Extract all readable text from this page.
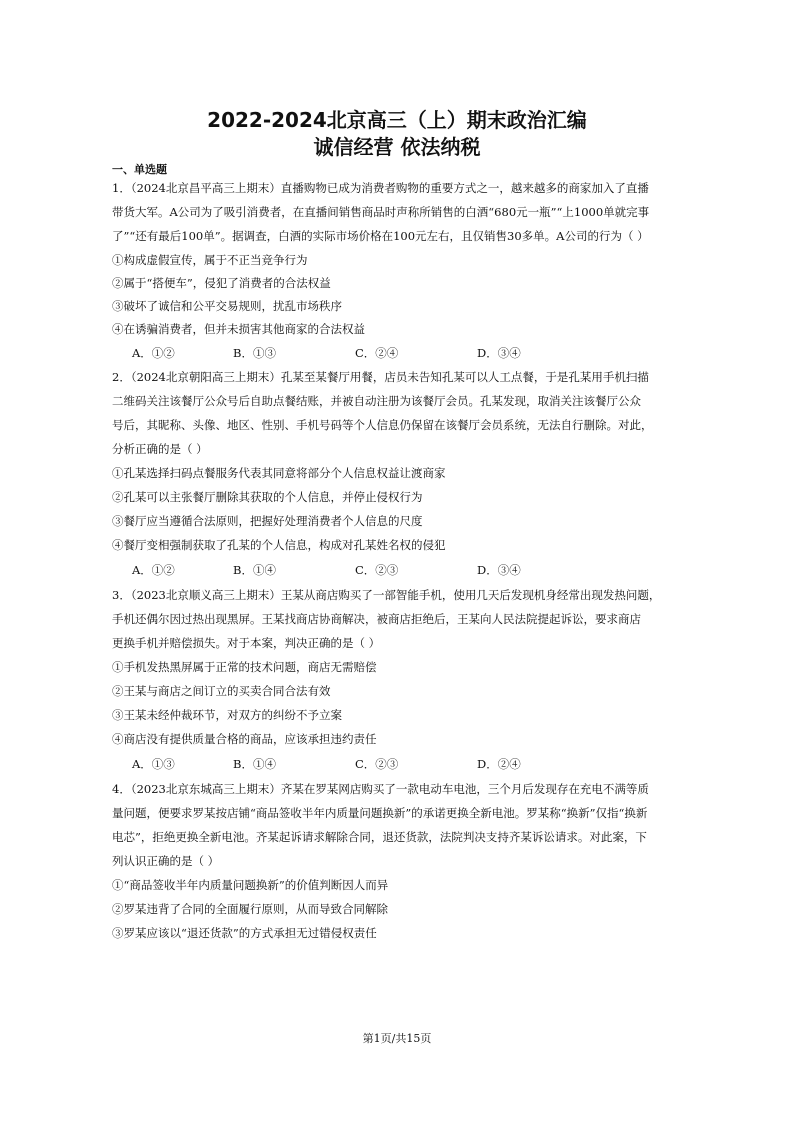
2022-2024北京高三（上）期末政治汇编
诚信经营 依法纳税
一、单选题
1．（2024北京昌平高三上期末）直播购物已成为消费者购物的重要方式之一，越来越多的商家加入了直播
带货大军。A公司为了吸引消费者，在直播间销售商品时声称所销售的白酒“680元一瓶”“上1000单就完事
了”“还有最后100单”。据调查，白酒的实际市场价格在100元左右，且仅销售30多单。A公司的行为（ ）
①构成虚假宣传，属于不正当竞争行为
②属于“搭便车”，侵犯了消费者的合法权益
③破坏了诚信和公平交易规则，扰乱市场秩序
④在诱骗消费者，但并未损害其他商家的合法权益
A．①②	B．①③	C．②④	D．③④
2．（2024北京朝阳高三上期末）孔某至某餐厅用餐，店员未告知孔某可以人工点餐，于是孔某用手机扫描
二维码关注该餐厅公众号后自助点餐结账，并被自动注册为该餐厅会员。孔某发现，取消关注该餐厅公众
号后，其昵称、头像、地区、性别、手机号码等个人信息仍保留在该餐厅会员系统，无法自行删除。对此，
分析正确的是（ ）
①孔某选择扫码点餐服务代表其同意将部分个人信息权益让渡商家
②孔某可以主张餐厅删除其获取的个人信息，并停止侵权行为
③餐厅应当遵循合法原则，把握好处理消费者个人信息的尺度
④餐厅变相强制获取了孔某的个人信息，构成对孔某姓名权的侵犯
A．①②	B．①④	C．②③	D．③④
3．（2023北京顺义高三上期末）王某从商店购买了一部智能手机，使用几天后发现机身经常出现发热问题，
手机还偶尔因过热出现黑屏。王某找商店协商解决，被商店拒绝后，王某向人民法院提起诉讼，要求商店
更换手机并赔偿损失。对于本案，判决正确的是（ ）
①手机发热黑屏属于正常的技术问题，商店无需赔偿
②王某与商店之间订立的买卖合同合法有效
③王某未经仲裁环节，对双方的纠纷不予立案
④商店没有提供质量合格的商品，应该承担违约责任
A．①③	B．①④	C．②③	D．②④
4．（2023北京东城高三上期末）齐某在罗某网店购买了一款电动车电池，三个月后发现存在充电不满等质
量问题，便要求罗某按店铺“商品签收半年内质量问题换新”的承诺更换全新电池。罗某称“换新”仅指“换新
电芯”，拒绝更换全新电池。齐某起诉请求解除合同，退还货款，法院判决支持齐某诉讼请求。对此案，下
列认识正确的是（ ）
①“商品签收半年内质量问题换新”的价值判断因人而异
②罗某违背了合同的全面履行原则，从而导致合同解除
③罗某应该以“退还货款”的方式承担无过错侵权责任
第1页/共15页
